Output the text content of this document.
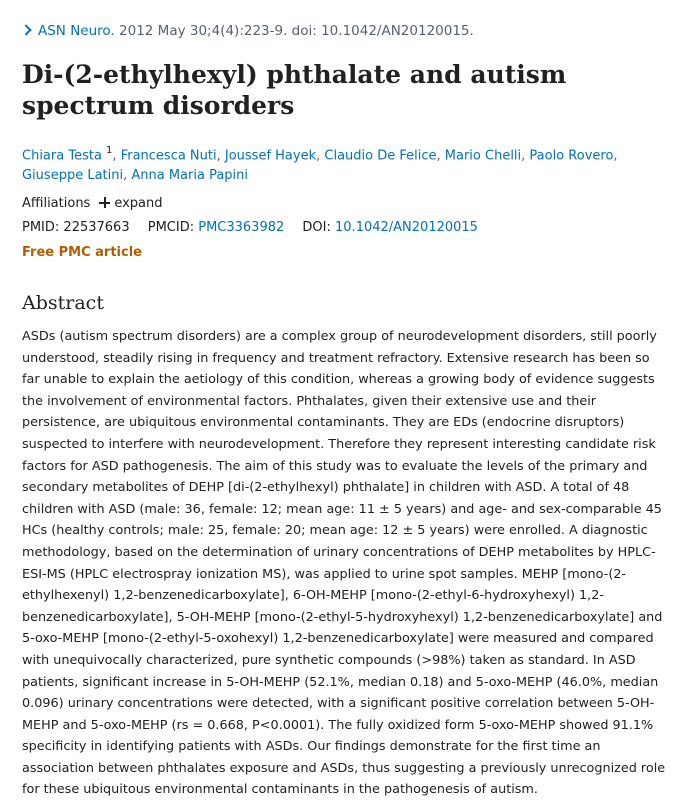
ASN Neuro. 2012 May 30;4(4):223-9. doi: 10.1042/AN20120015.
Di-(2-ethylhexyl) phthalate and autism spectrum disorders
Chiara Testa $^1$, Francesca Nuti, Joussef Hayek, Claudio De Felice, Mario Chelli, Paolo Rovero,
Giuseppe Latini, Anna Maria Papini
Affiliations expand
PMID: 22537663 PMCID: PMC3363982 DOI: 10.1042/AN20120015
Free PMC article
Abstract

ASDs (autism spectrum disorders) are a complex group of neurodevelopment disorders, still poorly understood, steadily rising in frequency and treatment refractory. Extensive research has been so far unable to explain the aetiology of this condition, whereas a growing body of evidence suggests the involvement of environmental factors. Phthalates, given their extensive use and their persistence, are ubiquitous environmental contaminants. They are EDs (endocrine disruptors) suspected to interfere with neurodevelopment. Therefore they represent interesting candidate risk factors for ASD pathogenesis. The aim of this study was to evaluate the levels of the primary and secondary metabolites of DEHP [di-(2-ethylhexyl) phthalate] in children with ASD. A total of 48 children with ASD (male: 36, female: 12; mean age: 11 ± 5 years) and age- and sex-comparable 45 HCs (healthy controls; male: 25, female: 20; mean age: 12 ± 5 years) were enrolled. A diagnostic methodology, based on the determination of urinary concentrations of DEHP metabolites by HPLC-ESI-MS (HPLC electrospray ionization MS), was applied to urine spot samples. MEHP [mono-(2-ethylhexenyl) 1,2-benzenedicarboxylate], 6-OH-MEHP [mono-(2-ethyl-6-hydroxyhexyl) 1,2-benzenedicarboxylate], 5-OH-MEHP [mono-(2-ethyl-5-hydroxyhexyl) 1,2-benzenedicarboxylate] and 5-oxo-MEHP [mono-(2-ethyl-5-oxohexyl) 1,2-benzenedicarboxylate] were measured and compared with unequivocally characterized, pure synthetic compounds (>98%) taken as standard. In ASD patients, significant increase in 5-OH-MEHP (52.1%, median 0.18) and 5-oxo-MEHP (46.0%, median 0.096) urinary concentrations were detected, with a significant positive correlation between 5-OH-MEHP and 5-oxo-MEHP (rs = 0.668, P<0.0001). The fully oxidized form 5-oxo-MEHP showed 91.1% specificity in identifying patients with ASDs. Our findings demonstrate for the first time an association between phthalates exposure and ASDs, thus suggesting a previously unrecognized role for these ubiquitous environmental contaminants in the pathogenesis of autism.
